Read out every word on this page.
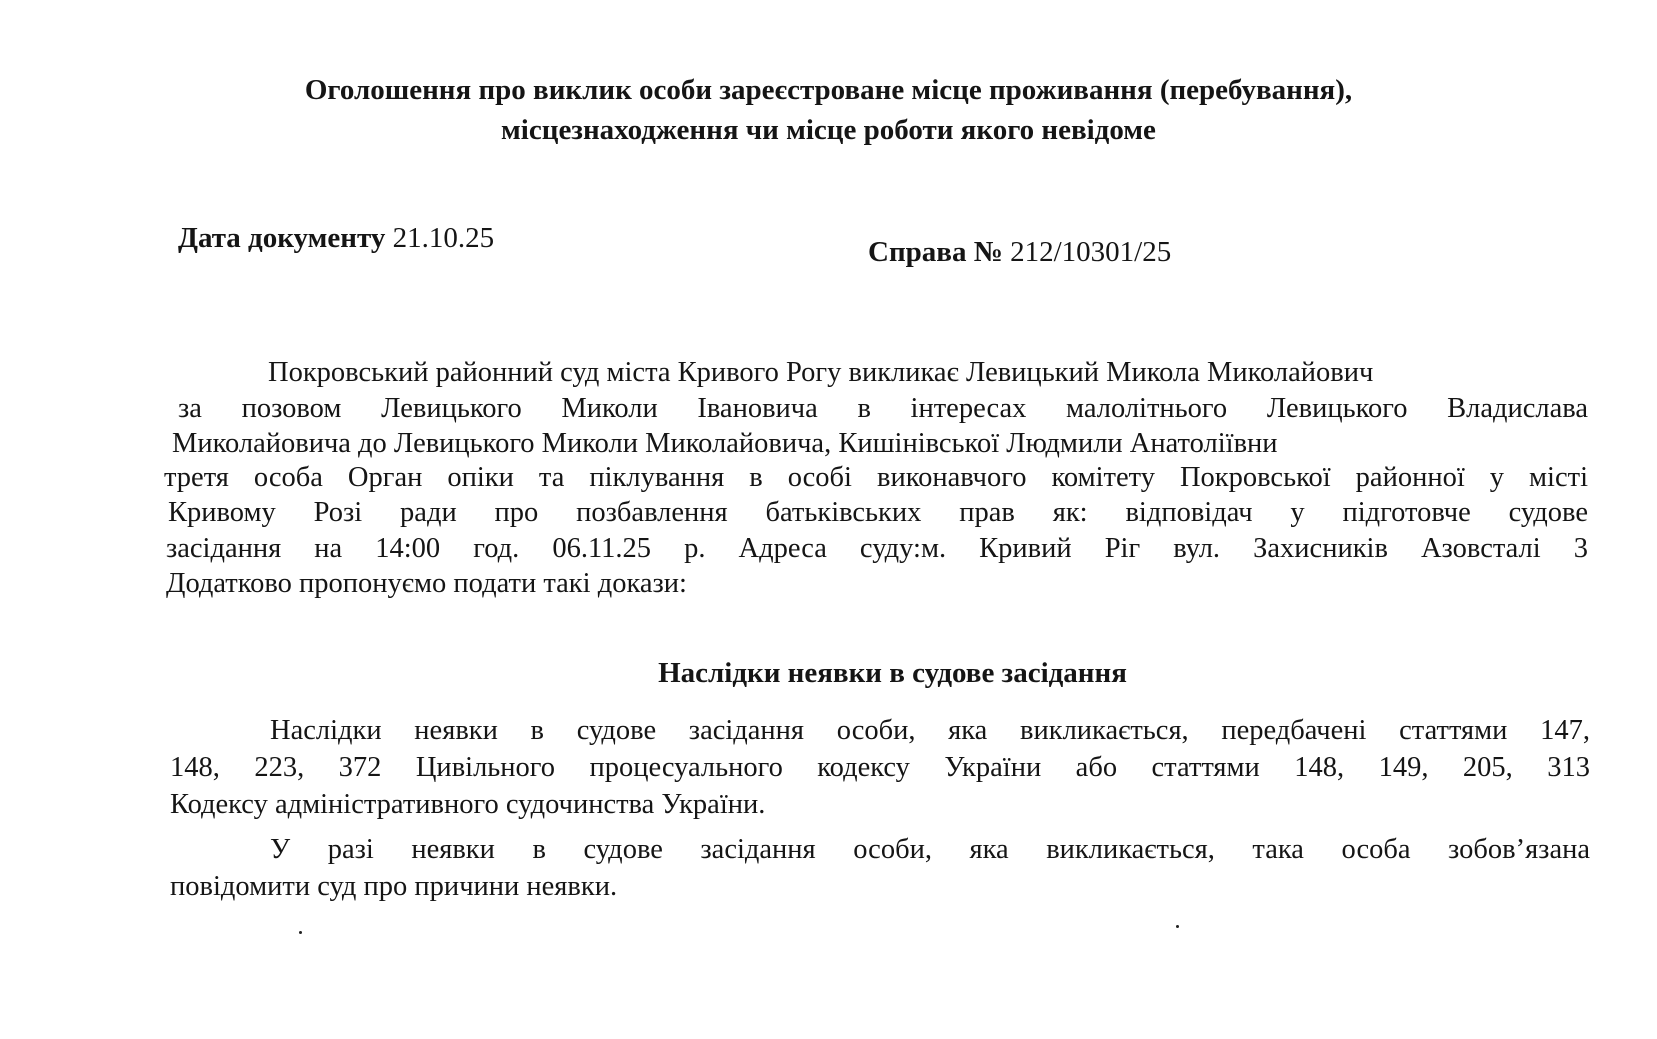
Оголошення про виклик особи зареєстроване місце проживання (перебування),
місцезнаходження чи місце роботи якого невідоме
Дата документу 21.10.25	Справа № 212/10301/25
Покровський районний суд міста Кривого Рогу викликає Левицький Микола Миколайович
за позовом Левицького Миколи Івановича в інтересах малолітнього Левицького Владислава
Миколайовича до Левицького Миколи Миколайовича, Кишінівської Людмили Анатоліївни
третя особа Орган опіки та піклування в особі виконавчого комітету Покровської районної у місті
Кривому Розі ради про позбавлення батьківських прав як: відповідач у підготовче судове
засідання на 14:00 год. 06.11.25 р. Адреса суду:м. Кривий Ріг вул. Захисників Азовсталі 3
Додатково пропонуємо подати такі докази:
Наслідки неявки в судове засідання
Наслідки неявки в судове засідання особи, яка викликається, передбачені статтями 147,
148, 223, 372 Цивільного процесуального кодексу України або статтями 148, 149, 205, 313
Кодексу адміністративного судочинства України.
У разі неявки в судове засідання особи, яка викликається, така особа зобов’язана
повідомити суд про причини неявки.
